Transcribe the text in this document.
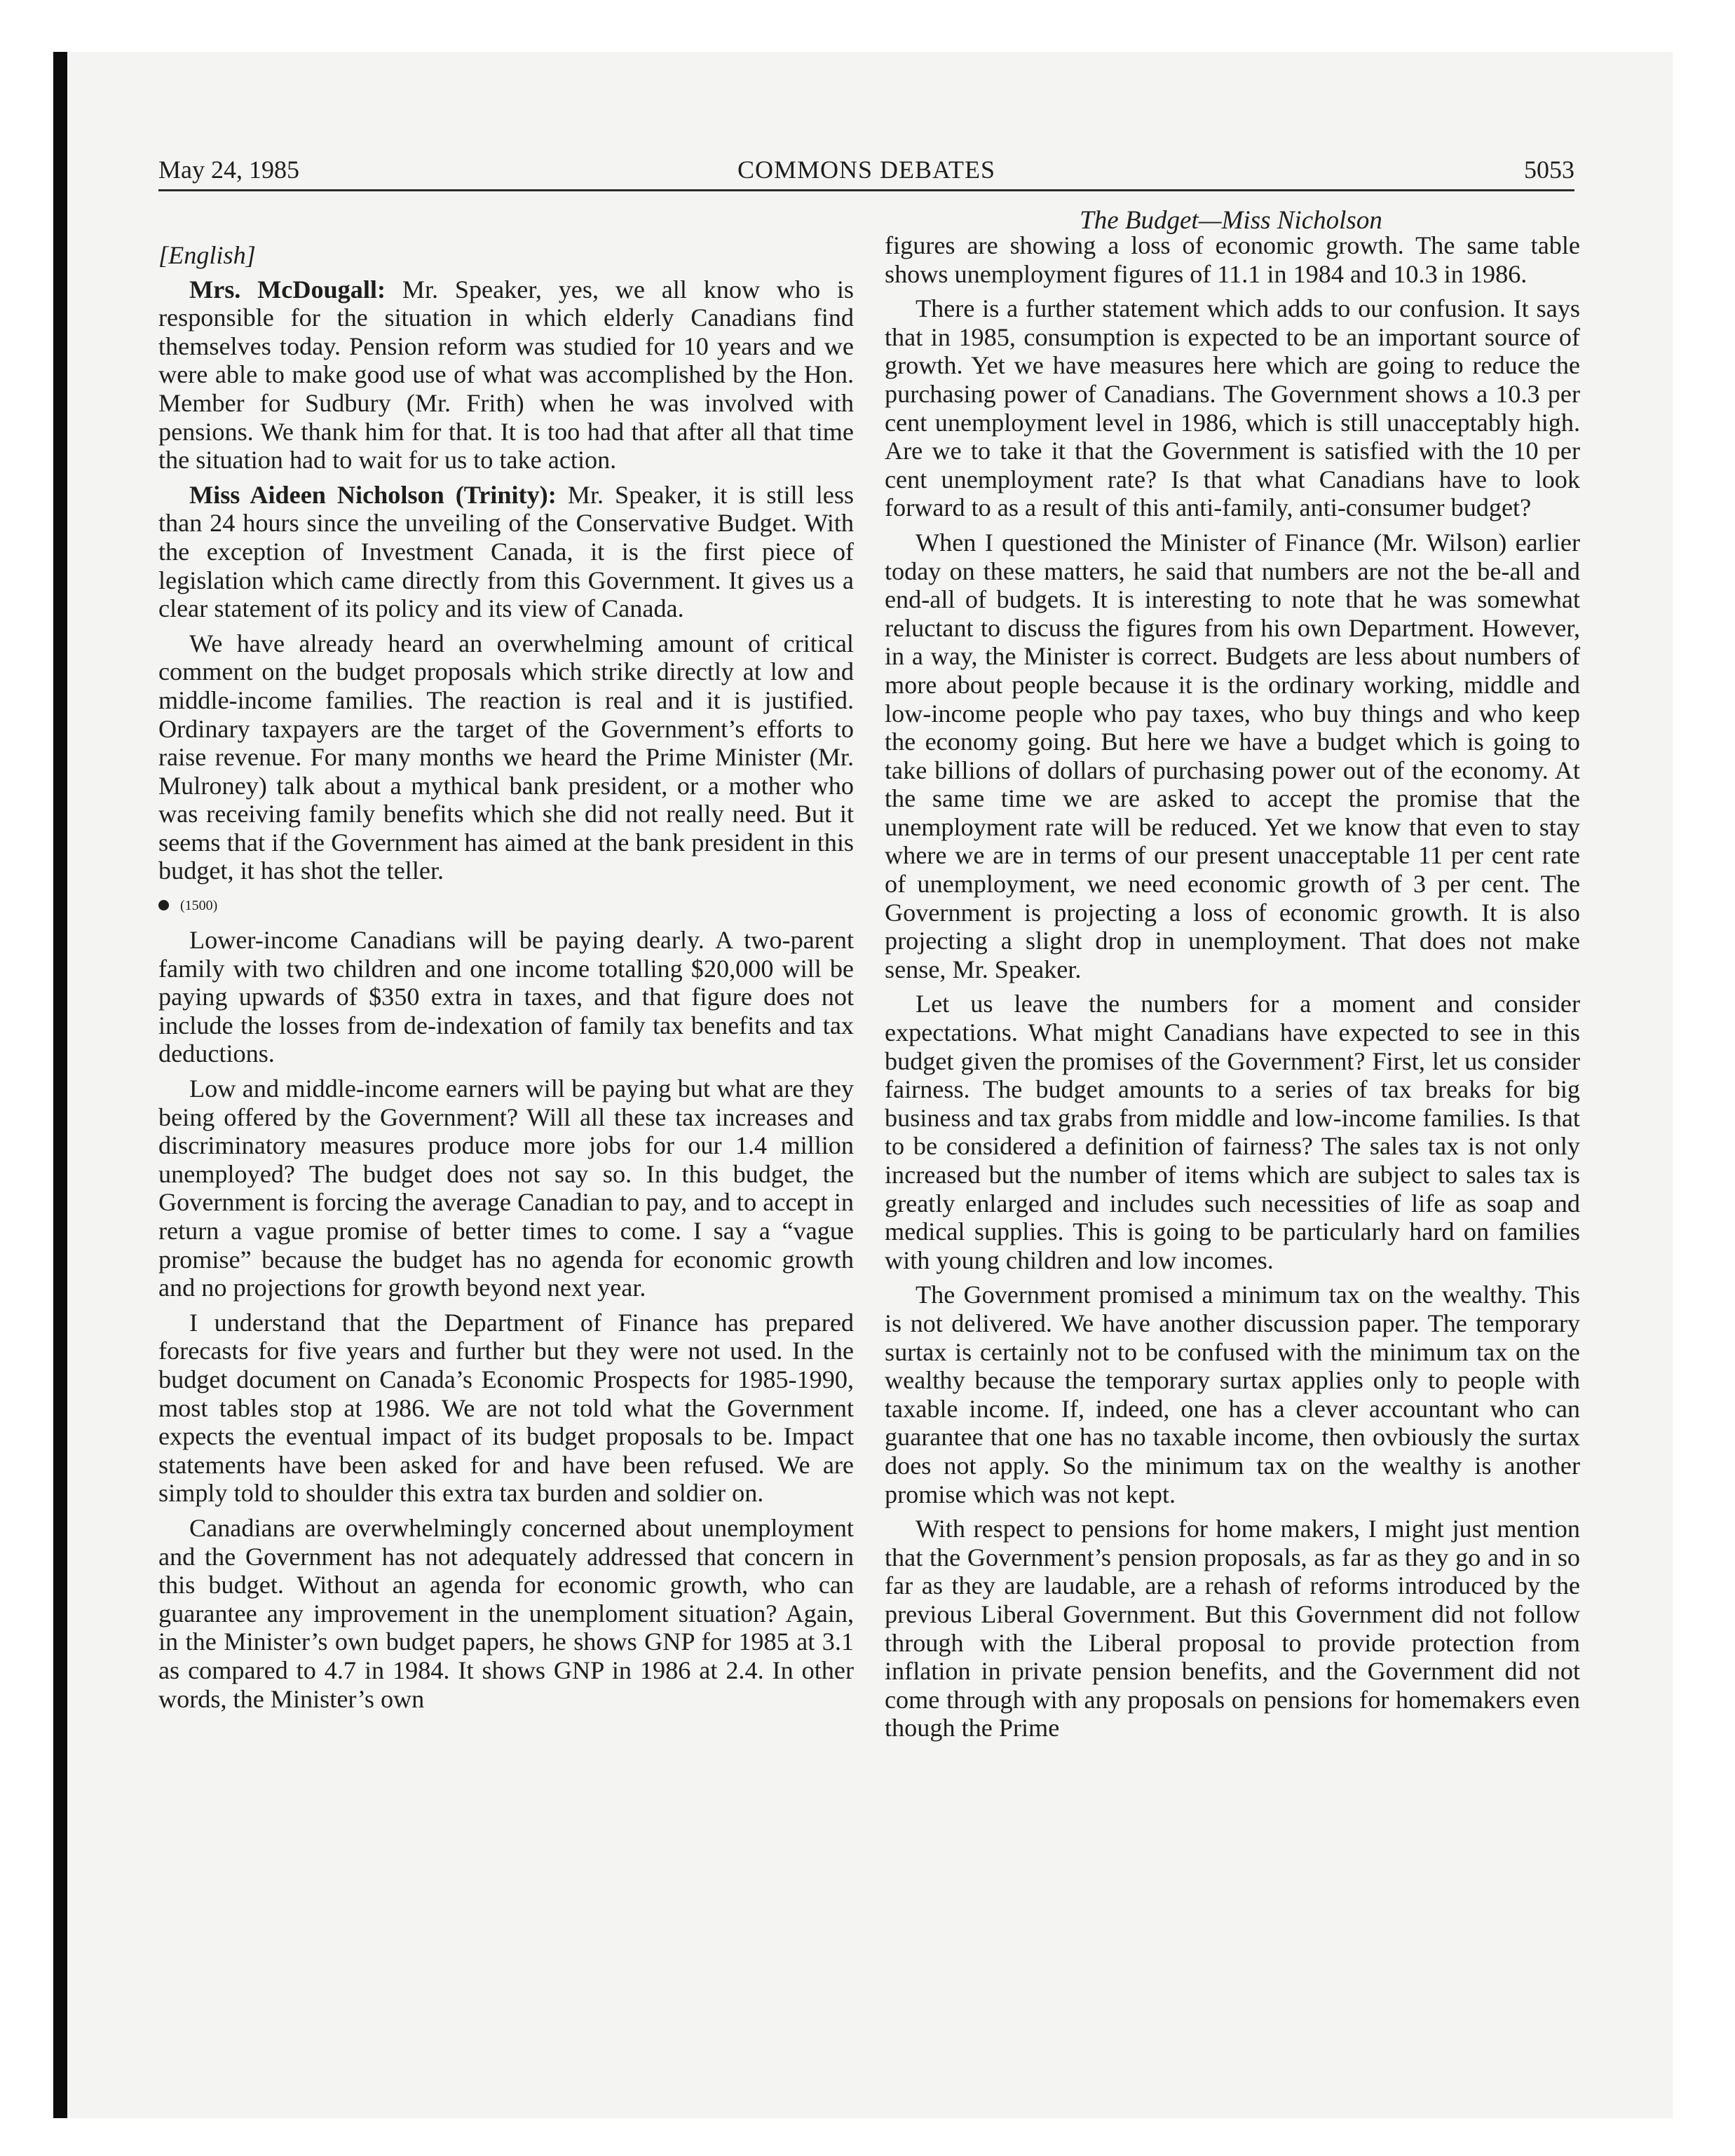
May 24, 1985	COMMONS DEBATES	5053
The Budget—Miss Nicholson

[English]

Mrs. McDougall: Mr. Speaker, yes, we all know who is responsible for the situation in which elderly Canadians find themselves today. Pension reform was studied for 10 years and we were able to make good use of what was accomplished by the Hon. Member for Sudbury (Mr. Frith) when he was involved with pensions. We thank him for that. It is too had that after all that time the situation had to wait for us to take action.

Miss Aideen Nicholson (Trinity): Mr. Speaker, it is still less than 24 hours since the unveiling of the Conservative Budget. With the exception of Investment Canada, it is the first piece of legislation which came directly from this Government. It gives us a clear statement of its policy and its view of Canada.

We have already heard an overwhelming amount of critical comment on the budget proposals which strike directly at low and middle-income families. The reaction is real and it is justified. Ordinary taxpayers are the target of the Government’s efforts to raise revenue. For many months we heard the Prime Minister (Mr. Mulroney) talk about a mythical bank president, or a mother who was receiving family benefits which she did not really need. But it seems that if the Government has aimed at the bank president in this budget, it has shot the teller.

(1500)

Lower-income Canadians will be paying dearly. A two-parent family with two children and one income totalling $20,000 will be paying upwards of $350 extra in taxes, and that figure does not include the losses from de-indexation of family tax benefits and tax deductions.

Low and middle-income earners will be paying but what are they being offered by the Government? Will all these tax increases and discriminatory measures produce more jobs for our 1.4 million unemployed? The budget does not say so. In this budget, the Government is forcing the average Canadian to pay, and to accept in return a vague promise of better times to come. I say a “vague promise” because the budget has no agenda for economic growth and no projections for growth beyond next year.

I understand that the Department of Finance has prepared forecasts for five years and further but they were not used. In the budget document on Canada’s Economic Prospects for 1985-1990, most tables stop at 1986. We are not told what the Government expects the eventual impact of its budget proposals to be. Impact statements have been asked for and have been refused. We are simply told to shoulder this extra tax burden and soldier on.

Canadians are overwhelmingly concerned about unemployment and the Government has not adequately addressed that concern in this budget. Without an agenda for economic growth, who can guarantee any improvement in the unemploment situation? Again, in the Minister’s own budget papers, he shows GNP for 1985 at 3.1 as compared to 4.7 in 1984. It shows GNP in 1986 at 2.4. In other words, the Minister’s own

figures are showing a loss of economic growth. The same table shows unemployment figures of 11.1 in 1984 and 10.3 in 1986.

There is a further statement which adds to our confusion. It says that in 1985, consumption is expected to be an important source of growth. Yet we have measures here which are going to reduce the purchasing power of Canadians. The Government shows a 10.3 per cent unemployment level in 1986, which is still unacceptably high. Are we to take it that the Government is satisfied with the 10 per cent unemployment rate? Is that what Canadians have to look forward to as a result of this anti-family, anti-consumer budget?

When I questioned the Minister of Finance (Mr. Wilson) earlier today on these matters, he said that numbers are not the be-all and end-all of budgets. It is interesting to note that he was somewhat reluctant to discuss the figures from his own Department. However, in a way, the Minister is correct. Budgets are less about numbers of more about people because it is the ordinary working, middle and low-income people who pay taxes, who buy things and who keep the economy going. But here we have a budget which is going to take billions of dollars of purchasing power out of the economy. At the same time we are asked to accept the promise that the unemployment rate will be reduced. Yet we know that even to stay where we are in terms of our present unacceptable 11 per cent rate of unemployment, we need economic growth of 3 per cent. The Government is projecting a loss of economic growth. It is also projecting a slight drop in unemployment. That does not make sense, Mr. Speaker.

Let us leave the numbers for a moment and consider expectations. What might Canadians have expected to see in this budget given the promises of the Government? First, let us consider fairness. The budget amounts to a series of tax breaks for big business and tax grabs from middle and low-income families. Is that to be considered a definition of fairness? The sales tax is not only increased but the number of items which are subject to sales tax is greatly enlarged and includes such necessities of life as soap and medical supplies. This is going to be particularly hard on families with young children and low incomes.

The Government promised a minimum tax on the wealthy. This is not delivered. We have another discussion paper. The temporary surtax is certainly not to be confused with the minimum tax on the wealthy because the temporary surtax applies only to people with taxable income. If, indeed, one has a clever accountant who can guarantee that one has no taxable income, then ovbiously the surtax does not apply. So the minimum tax on the wealthy is another promise which was not kept.

With respect to pensions for home makers, I might just mention that the Government’s pension proposals, as far as they go and in so far as they are laudable, are a rehash of reforms introduced by the previous Liberal Government. But this Government did not follow through with the Liberal proposal to provide protection from inflation in private pension benefits, and the Government did not come through with any proposals on pensions for homemakers even though the Prime
